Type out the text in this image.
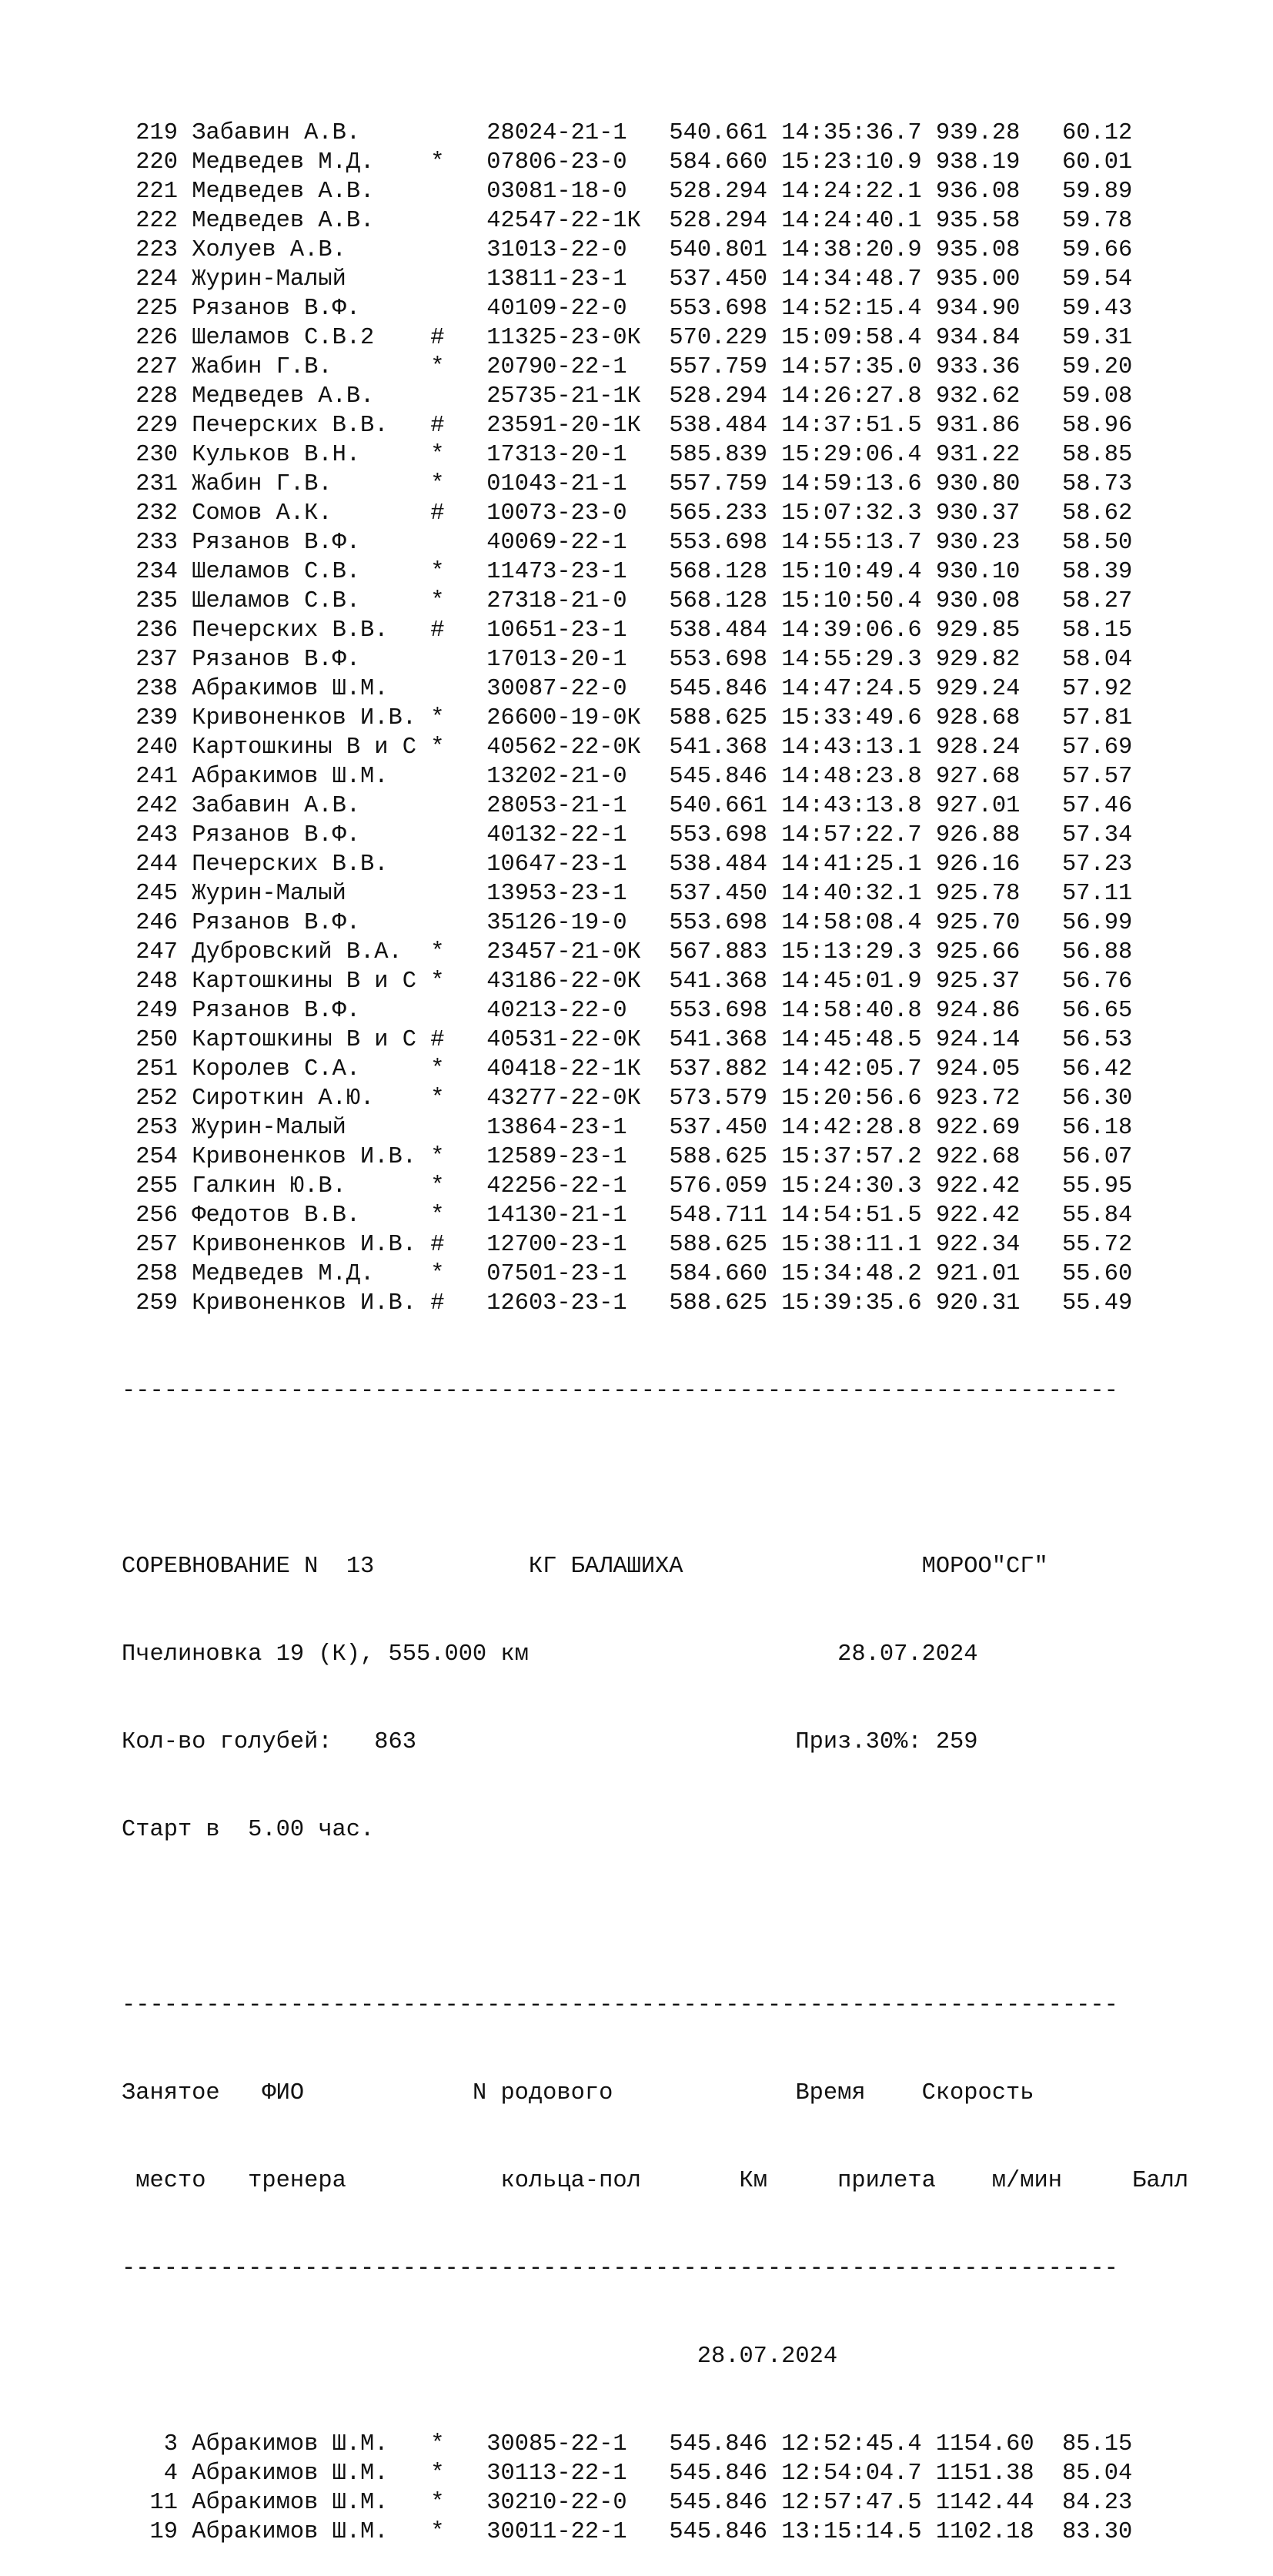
219 Забавин А.В.	28024-21-1   540.661 14:35:36.7 939.28   60.12
220 Медведев М.Д.    * 07806-23-0   584.660 15:23:10.9 938.19   60.01
221 Медведев А.В.	03081-18-0   528.294 14:24:22.1 936.08   59.89
222 Медведев А.В.	42547-22-1К 528.294 14:24:40.1 935.58   59.78
223 Холуев А.В.	31013-22-0   540.801 14:38:20.9 935.08   59.66
224 Журин-Малый	13811-23-1   537.450 14:34:48.7 935.00   59.54
225 Рязанов В.Ф.	40109-22-0   553.698 14:52:15.4 934.90   59.43
226 Шеламов С.В.2    # 11325-23-0К 570.229 15:09:58.4 934.84   59.31
227 Жабин Г.В.       * 20790-22-1   557.759 14:57:35.0 933.36   59.20
228 Медведев А.В.	25735-21-1К 528.294 14:26:27.8 932.62   59.08
229 Печерских В.В.   # 23591-20-1К 538.484 14:37:51.5 931.86   58.96
230 Кульков В.Н.     * 17313-20-1   585.839 15:29:06.4 931.22   58.85
231 Жабин Г.В.       * 01043-21-1   557.759 14:59:13.6 930.80   58.73
232 Сомов А.К.       # 10073-23-0   565.233 15:07:32.3 930.37   58.62
233 Рязанов В.Ф.	40069-22-1   553.698 14:55:13.7 930.23   58.50
234 Шеламов С.В.     * 11473-23-1   568.128 15:10:49.4 930.10   58.39
235 Шеламов С.В.     * 27318-21-0   568.128 15:10:50.4 930.08   58.27
236 Печерских В.В.   # 10651-23-1   538.484 14:39:06.6 929.85   58.15
237 Рязанов В.Ф.	17013-20-1   553.698 14:55:29.3 929.82   58.04
238 Абракимов Ш.М.	30087-22-0   545.846 14:47:24.5 929.24   57.92
239 Кривоненков И.В. * 26600-19-0К 588.625 15:33:49.6 928.68   57.81
240 Картошкины В и С * 40562-22-0К 541.368 14:43:13.1 928.24   57.69
241 Абракимов Ш.М.	13202-21-0   545.846 14:48:23.8 927.68   57.57
242 Забавин А.В.	28053-21-1   540.661 14:43:13.8 927.01   57.46
243 Рязанов В.Ф.	40132-22-1   553.698 14:57:22.7 926.88   57.34
244 Печерских В.В.	10647-23-1   538.484 14:41:25.1 926.16   57.23
245 Журин-Малый	13953-23-1   537.450 14:40:32.1 925.78   57.11
246 Рязанов В.Ф.	35126-19-0   553.698 14:58:08.4 925.70   56.99
247 Дубровский В.А.  * 23457-21-0К 567.883 15:13:29.3 925.66   56.88
248 Картошкины В и С * 43186-22-0К 541.368 14:45:01.9 925.37   56.76
249 Рязанов В.Ф.	40213-22-0   553.698 14:58:40.8 924.86   56.65
250 Картошкины В и С # 40531-22-0К 541.368 14:45:48.5 924.14   56.53
251 Королев С.А.     * 40418-22-1К 537.882 14:42:05.7 924.05   56.42
252 Сироткин А.Ю.    * 43277-22-0К 573.579 15:20:56.6 923.72   56.30
253 Журин-Малый	13864-23-1   537.450 14:42:28.8 922.69   56.18
254 Кривоненков И.В. * 12589-23-1   588.625 15:37:57.2 922.68   56.07
255 Галкин Ю.В.      * 42256-22-1   576.059 15:24:30.3 922.42   55.95
256 Федотов В.В.     * 14130-21-1   548.711 14:54:51.5 922.42   55.84
257 Кривоненков И.В. # 12700-23-1   588.625 15:38:11.1 922.34   55.72
258 Медведев М.Д.    * 07501-23-1   584.660 15:34:48.2 921.01   55.60
259 Кривоненков И.В. # 12603-23-1   588.625 15:39:35.6 920.31   55.49

-----------------------------------------------------------------------

СОРЕВНОВАНИЕ N 13	КГ БАЛАШИХА	МОРОО"СГ"

Пчелиновка 19 (К), 555.000 км	28.07.2024

Кол-во голубей: 863	Приз.30%: 259

Старт в  5.00 час.

-----------------------------------------------------------------------

Занятое ФИО	N родового	Время Скорость

место тренера	кольца-пол	Км	прилета м/мин	Балл

-----------------------------------------------------------------------

28.07.2024

3 Абракимов Ш.М.   * 30085-22-1   545.846 12:52:45.4 1154.60 85.15
4 Абракимов Ш.М.   * 30113-22-1   545.846 12:54:04.7 1151.38 85.04
11 Абракимов Ш.М.   * 30210-22-0   545.846 12:57:47.5 1142.44 84.23
19 Абракимов Ш.М.   * 30011-22-1   545.846 13:15:14.5 1102.18 83.30
